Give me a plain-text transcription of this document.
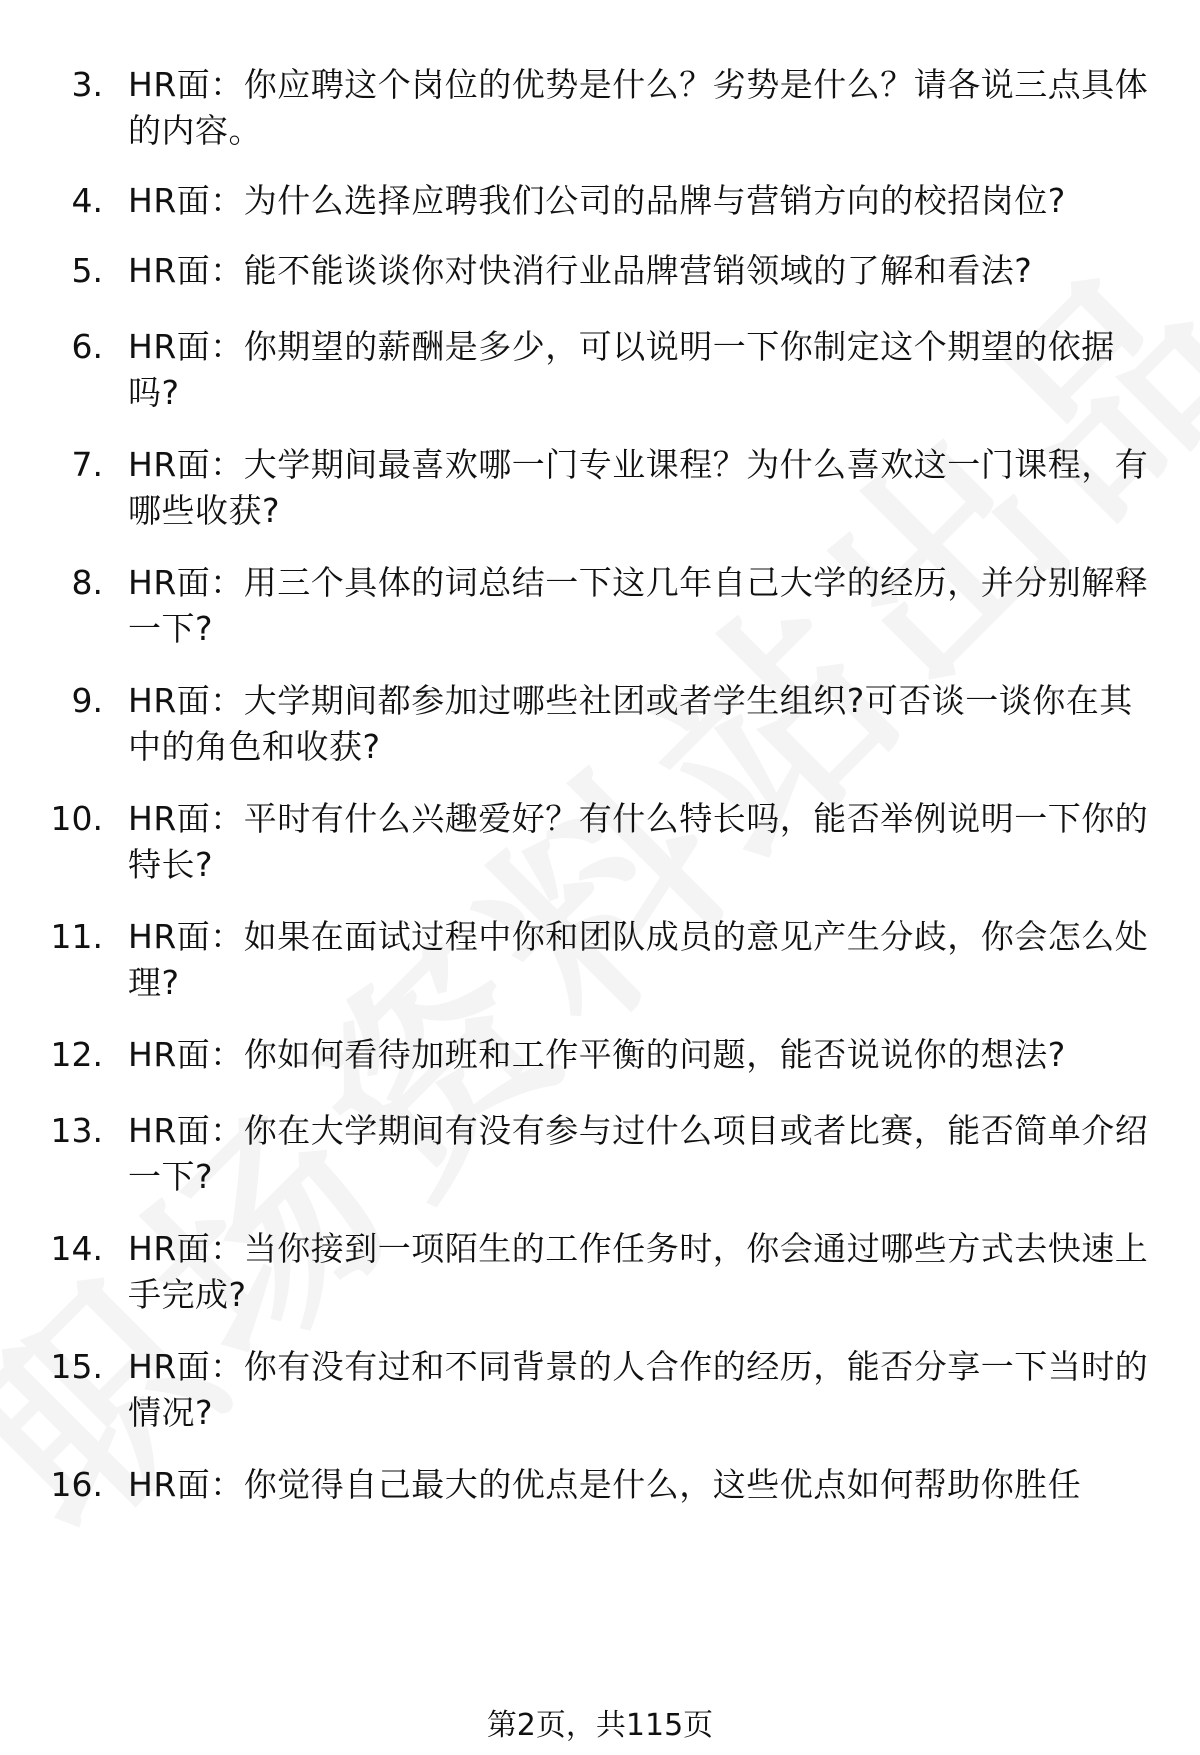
3. HR面：你应聘这个岗位的优势是什么？劣势是什么？请各说三点具体的内容。
4. HR面：为什么选择应聘我们公司的品牌与营销方向的校招岗位?
5. HR面：能不能谈谈你对快消行业品牌营销领域的了解和看法?
6. HR面：你期望的薪酬是多少，可以说明一下你制定这个期望的依据吗?
7. HR面：大学期间最喜欢哪一门专业课程？为什么喜欢这一门课程，有哪些收获?
8. HR面：用三个具体的词总结一下这几年自己大学的经历，并分别解释一下?
9. HR面：大学期间都参加过哪些社团或者学生组织?可否谈一谈你在其中的角色和收获?
10. HR面：平时有什么兴趣爱好？有什么特长吗，能否举例说明一下你的特长?
11. HR面：如果在面试过程中你和团队成员的意见产生分歧，你会怎么处理?
12. HR面：你如何看待加班和工作平衡的问题，能否说说你的想法?
13. HR面：你在大学期间有没有参与过什么项目或者比赛，能否简单介绍一下?
14. HR面：当你接到一项陌生的工作任务时，你会通过哪些方式去快速上手完成?
15. HR面：你有没有过和不同背景的人合作的经历，能否分享一下当时的情况?
16. HR面：你觉得自己最大的优点是什么，这些优点如何帮助你胜任
第2页，共115页
